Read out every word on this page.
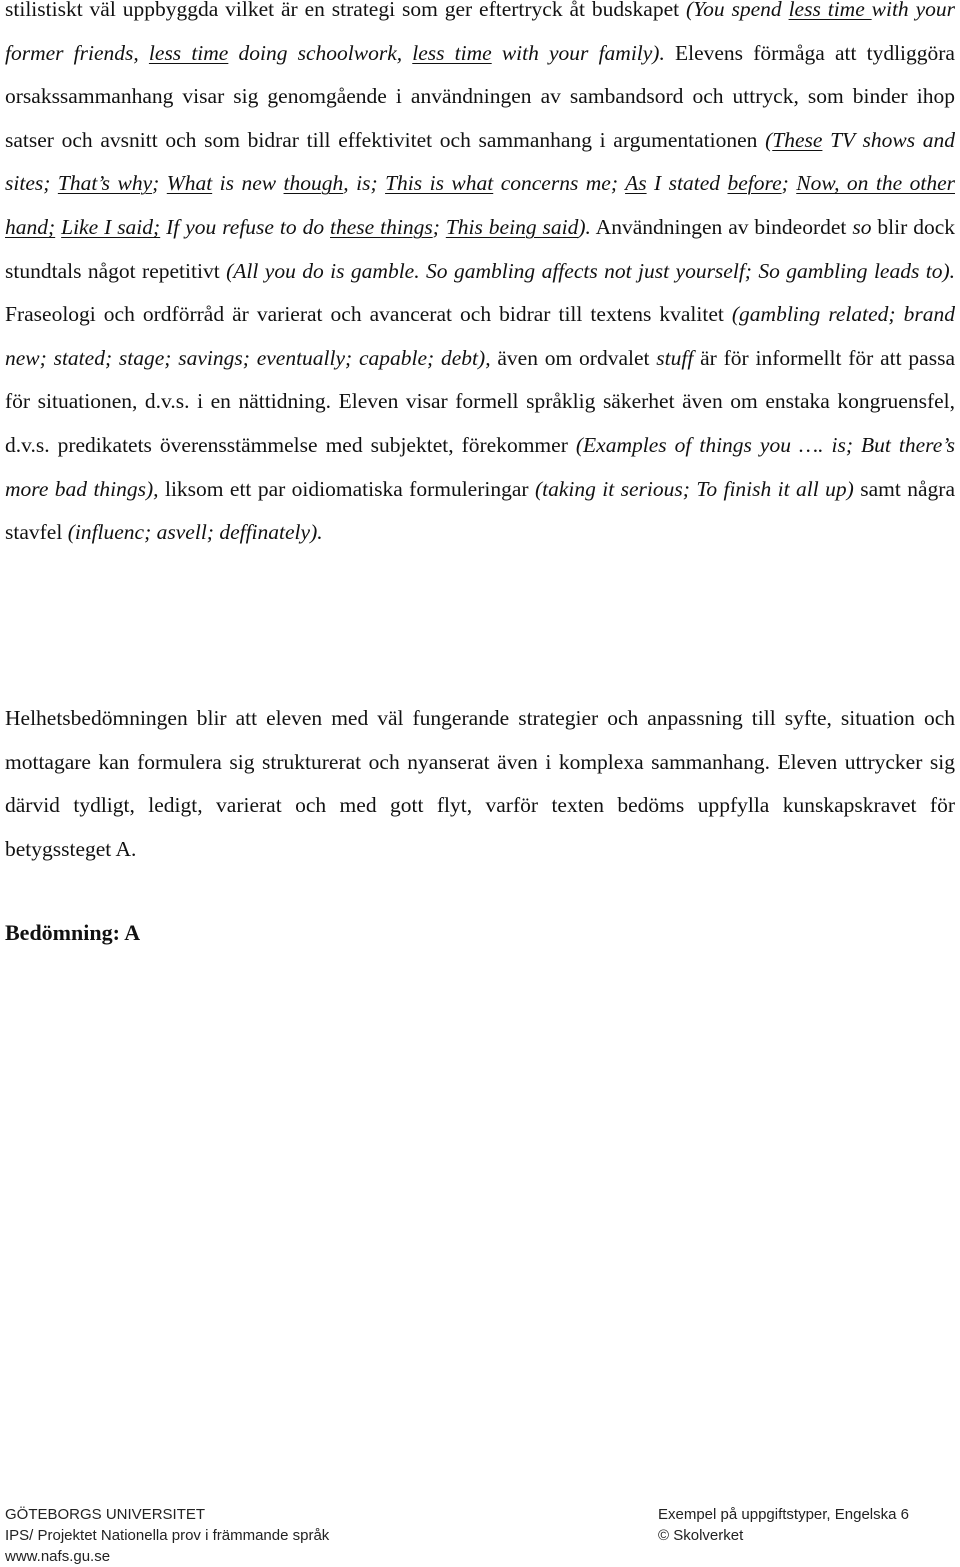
stilistiskt väl uppbyggda vilket är en strategi som ger eftertryck åt budskapet (You spend less time with your former friends, less time doing schoolwork, less time with your family). Elevens förmåga att tydliggöra orsakssammanhang visar sig genomgående i användningen av sambandsord och uttryck, som binder ihop satser och avsnitt och som bidrar till effektivitet och sammanhang i argumentationen (These TV shows and sites; That’s why; What is new though, is; This is what concerns me; As I stated before; Now, on the other hand; Like I said; If you refuse to do these things; This being said). Användningen av bindeordet so blir dock stundtals något repetitivt (All you do is gamble. So gambling affects not just yourself; So gambling leads to). Fraseologi och ordförråd är varierat och avancerat och bidrar till textens kvalitet (gambling related; brand new; stated; stage; savings; eventually; capable; debt), även om ordvalet stuff är för informellt för att passa för situationen, d.v.s. i en nättidning. Eleven visar formell språklig säkerhet även om enstaka kongruensfel, d.v.s. predikatets överensstämmelse med subjektet, förekommer (Examples of things you …. is; But there’s more bad things), liksom ett par oidiomatiska formuleringar (taking it serious; To finish it all up) samt några stavfel (influenc; asvell; deffinately).

Helhetsbedömningen blir att eleven med väl fungerande strategier och anpassning till syfte, situation och mottagare kan formulera sig strukturerat och nyanserat även i komplexa sammanhang. Eleven uttrycker sig därvid tydligt, ledigt, varierat och med gott flyt, varför texten bedöms uppfylla kunskapskravet för betygssteget A.

Bedömning: A

GÖTEBORGS UNIVERSITET
IPS/ Projektet Nationella prov i främmande språk
www.nafs.gu.se
Exempel på uppgiftstyper, Engelska 6
© Skolverket
